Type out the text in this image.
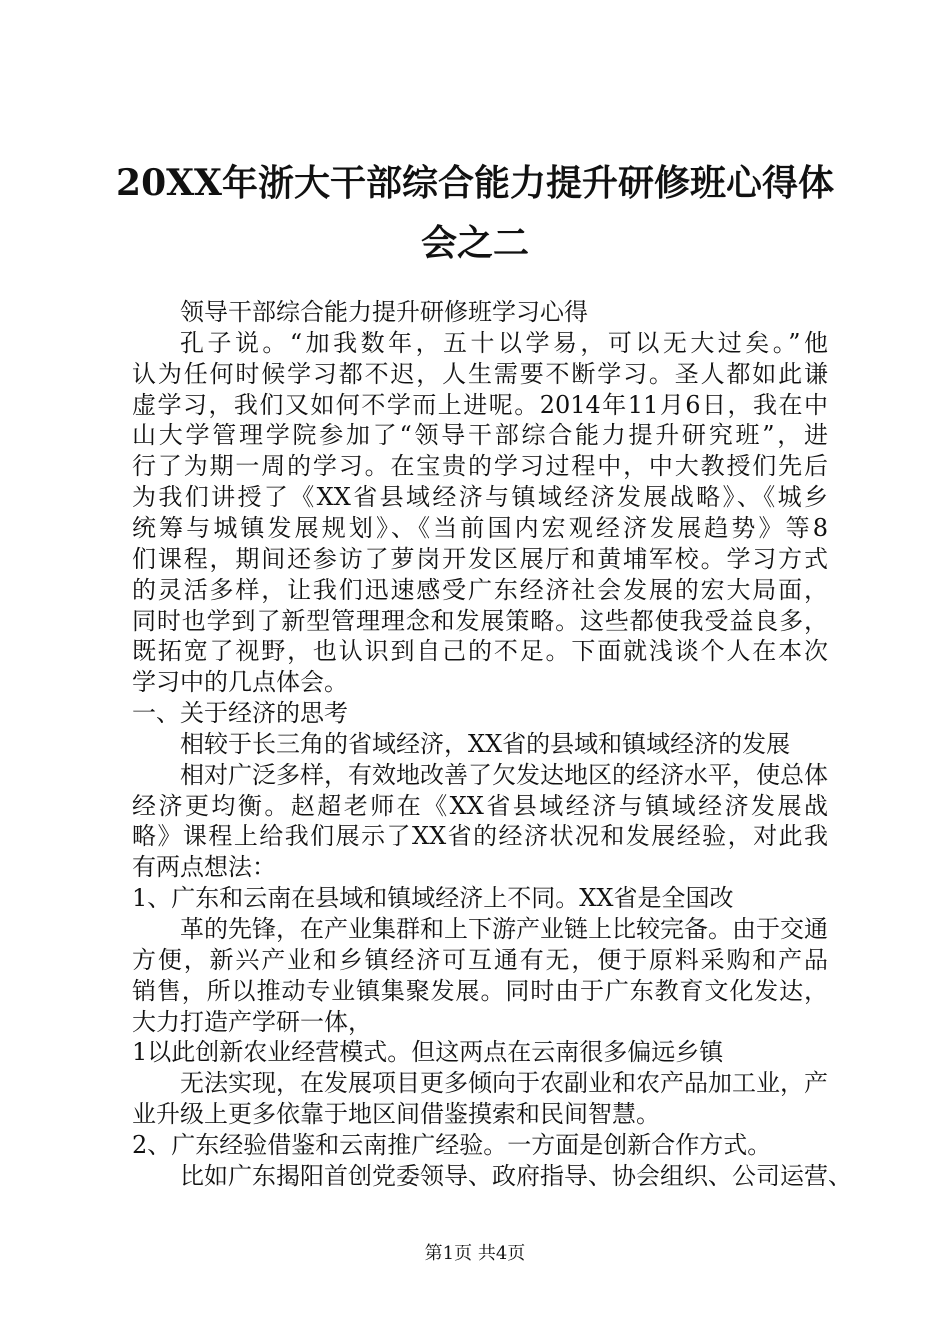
20XX年浙大干部综合能力提升研修班心得体
会之二
领导干部综合能力提升研修班学习心得
孔子说。“加我数年，五十以学易，可以无大过矣。”他
认为任何时候学习都不迟，人生需要不断学习。圣人都如此谦
虚学习，我们又如何不学而上进呢。2014年11月6日，我在中
山大学管理学院参加了“领导干部综合能力提升研究班”，进
行了为期一周的学习。在宝贵的学习过程中，中大教授们先后
为我们讲授了《XX省县域经济与镇域经济发展战略》、《城乡
统筹与城镇发展规划》、《当前国内宏观经济发展趋势》等8
们课程，期间还参访了萝岗开发区展厅和黄埔军校。学习方式
的灵活多样，让我们迅速感受广东经济社会发展的宏大局面，
同时也学到了新型管理理念和发展策略。这些都使我受益良多，
既拓宽了视野，也认识到自己的不足。下面就浅谈个人在本次
学习中的几点体会。
一、关于经济的思考
相较于长三角的省域经济，XX省的县域和镇域经济的发展
相对广泛多样，有效地改善了欠发达地区的经济水平，使总体
经济更均衡。赵超老师在《XX省县域经济与镇域经济发展战
略》课程上给我们展示了XX省的经济状况和发展经验，对此我
有两点想法：
1、广东和云南在县域和镇域经济上不同。XX省是全国改
革的先锋，在产业集群和上下游产业链上比较完备。由于交通
方便，新兴产业和乡镇经济可互通有无，便于原料采购和产品
销售，所以推动专业镇集聚发展。同时由于广东教育文化发达，
大力打造产学研一体，
1以此创新农业经营模式。但这两点在云南很多偏远乡镇
无法实现，在发展项目更多倾向于农副业和农产品加工业，产
业升级上更多依靠于地区间借鉴摸索和民间智慧。
2、广东经验借鉴和云南推广经验。一方面是创新合作方式。
比如广东揭阳首创党委领导、政府指导、协会组织、公司运营、
第1页 共4页
